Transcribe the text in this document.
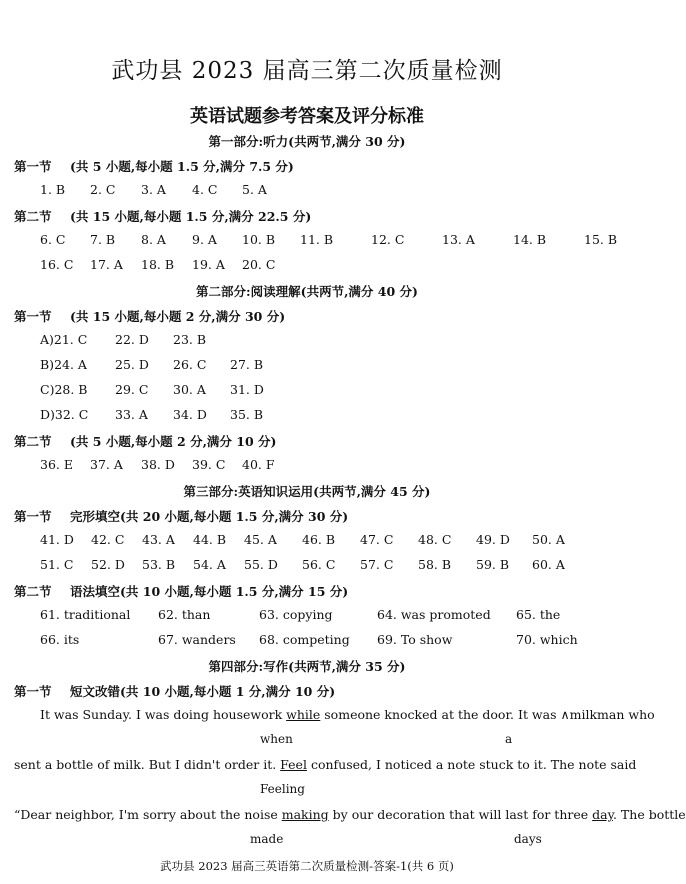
武功县 2023 届高三第二次质量检测
英语试题参考答案及评分标准
第一部分:听力(共两节,满分 30 分)
第一节 (共 5 小题,每小题 1.5 分,满分 7.5 分)
1. B 2. C 3. A 4. C 5. A
第二节 (共 15 小题,每小题 1.5 分,满分 22.5 分)
6. C 7. B 8. A 9. A 10. B 11. B	12. C	13. A	14. B	15. B
16. C 17. A 18. B 19. A 20. C
第二部分:阅读理解(共两节,满分 40 分)
第一节 (共 15 小题,每小题 2 分,满分 30 分)
A)21. C 22. D 23. B
B)24. A 25. D 26. C 27. B
C)28. B 29. C 30. A 31. D
D)32. C 33. A 34. D 35. B
第二节 (共 5 小题,每小题 2 分,满分 10 分)
36. E 37. A 38. D 39. C 40. F
第三部分:英语知识运用(共两节,满分 45 分)
第一节 完形填空(共 20 小题,每小题 1.5 分,满分 30 分)
41. D 42. C 43. A 44. B 45. A 46. B 47. C 48. C 49. D 50. A
51. C 52. D 53. B 54. A 55. D 56. C 57. C 58. B 59. B 60. A
第二节 语法填空(共 10 小题,每小题 1.5 分,满分 15 分)
61. traditional 62. than	63. copying	64. was promoted 65. the
66. its	67. wanders 68. competing 69. To show	70. which
第四部分:写作(共两节,满分 35 分)
第一节 短文改错(共 10 小题,每小题 1 分,满分 10 分)
It was Sunday. I was doing housework while someone knocked at the door. It was ∧milkman who
when	a
sent a bottle of milk. But I didn't order it. Feel confused, I noticed a note stuck to it. The note said
Feeling
“Dear neighbor, I'm sorry about the noise making by our decoration that will last for three day. The bottle
made	days
武功县 2023 届高三英语第二次质量检测-答案-1(共 6 页)
